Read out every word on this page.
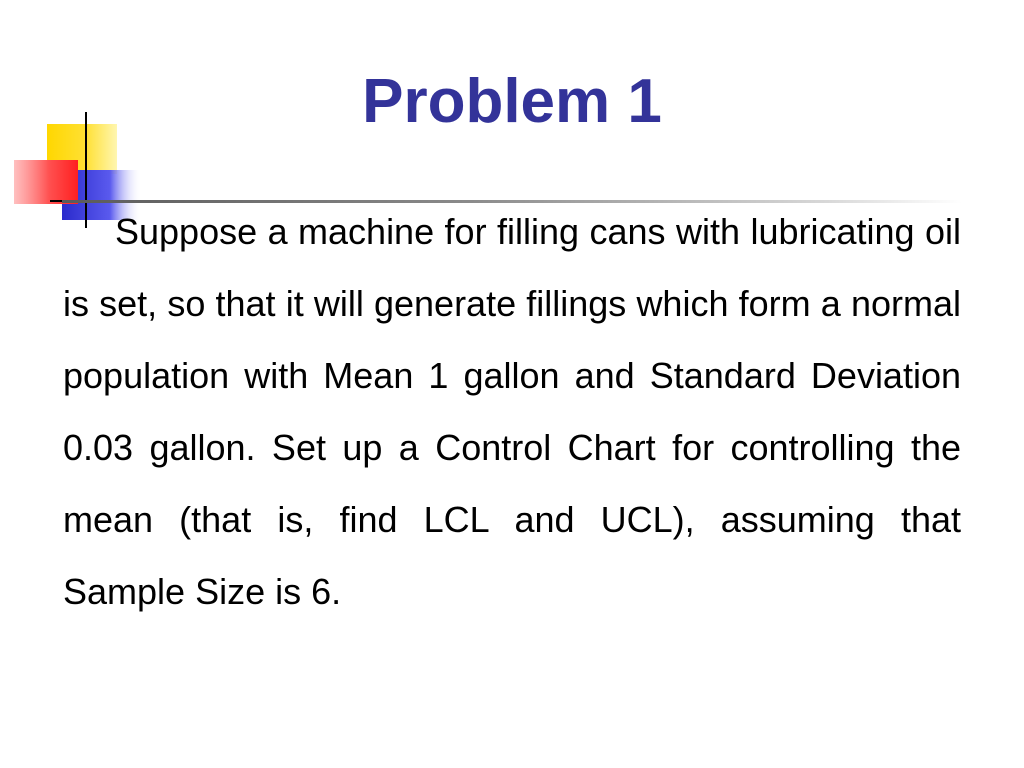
Problem 1

Suppose a machine for filling cans with lubricating oil is set, so that it will generate fillings which form a normal population with Mean 1 gallon and Standard Deviation 0.03 gallon. Set up a Control Chart for controlling the mean (that is, find LCL and UCL), assuming that Sample Size is 6.
